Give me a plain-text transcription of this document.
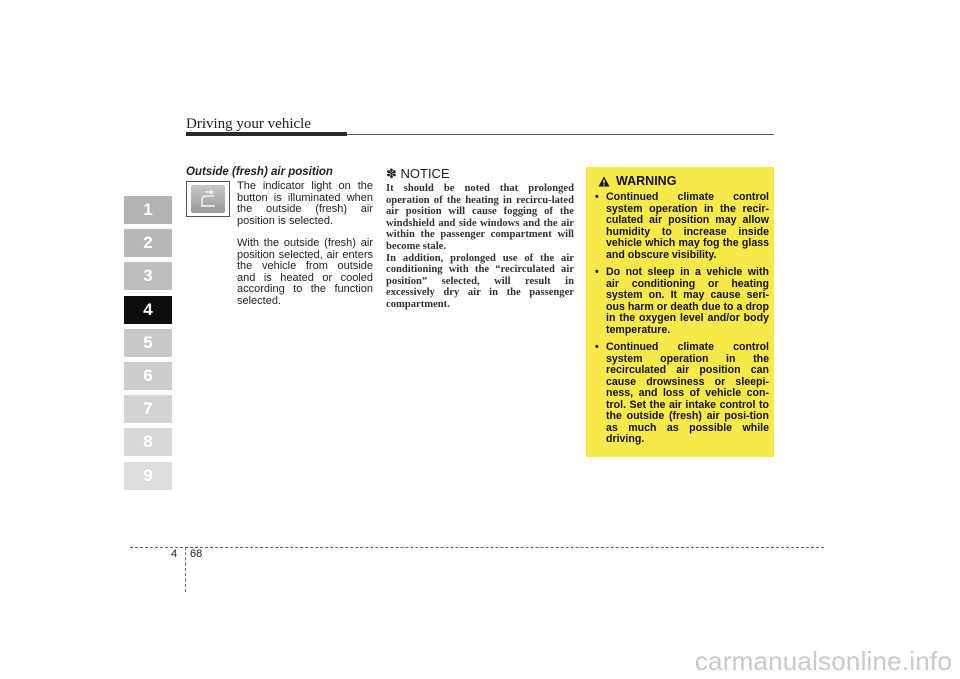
Driving your vehicle
1
2
3
4
5
6
7
8
9
Outside (fresh) air position
The indicator light on the button is illuminated when the outside (fresh) air position is selected.
With the outside (fresh) air position selected, air enters the vehicle from outside and is heated or cooled according to the function selected.
✽ NOTICE
It should be noted that prolonged operation of the heating in recircu-lated air position will cause fogging of the windshield and side windows and the air within the passenger compartment will become stale.
In addition, prolonged use of the air conditioning with the “recirculated air position” selected, will result in excessively dry air in the passenger compartment.
WARNING
• Continued climate control system operation in the recir-culated air position may allow humidity to increase inside vehicle which may fog the glass and obscure visibility.
• Do not sleep in a vehicle with air conditioning or heating system on. It may cause seri-ous harm or death due to a drop in the oxygen level and/or body temperature.
• Continued climate control system operation in the recirculated air position can cause drowsiness or sleepi-ness, and loss of vehicle con-trol. Set the air intake control to the outside (fresh) air posi-tion as much as possible while driving.
4 68
carmanualsonline.info
